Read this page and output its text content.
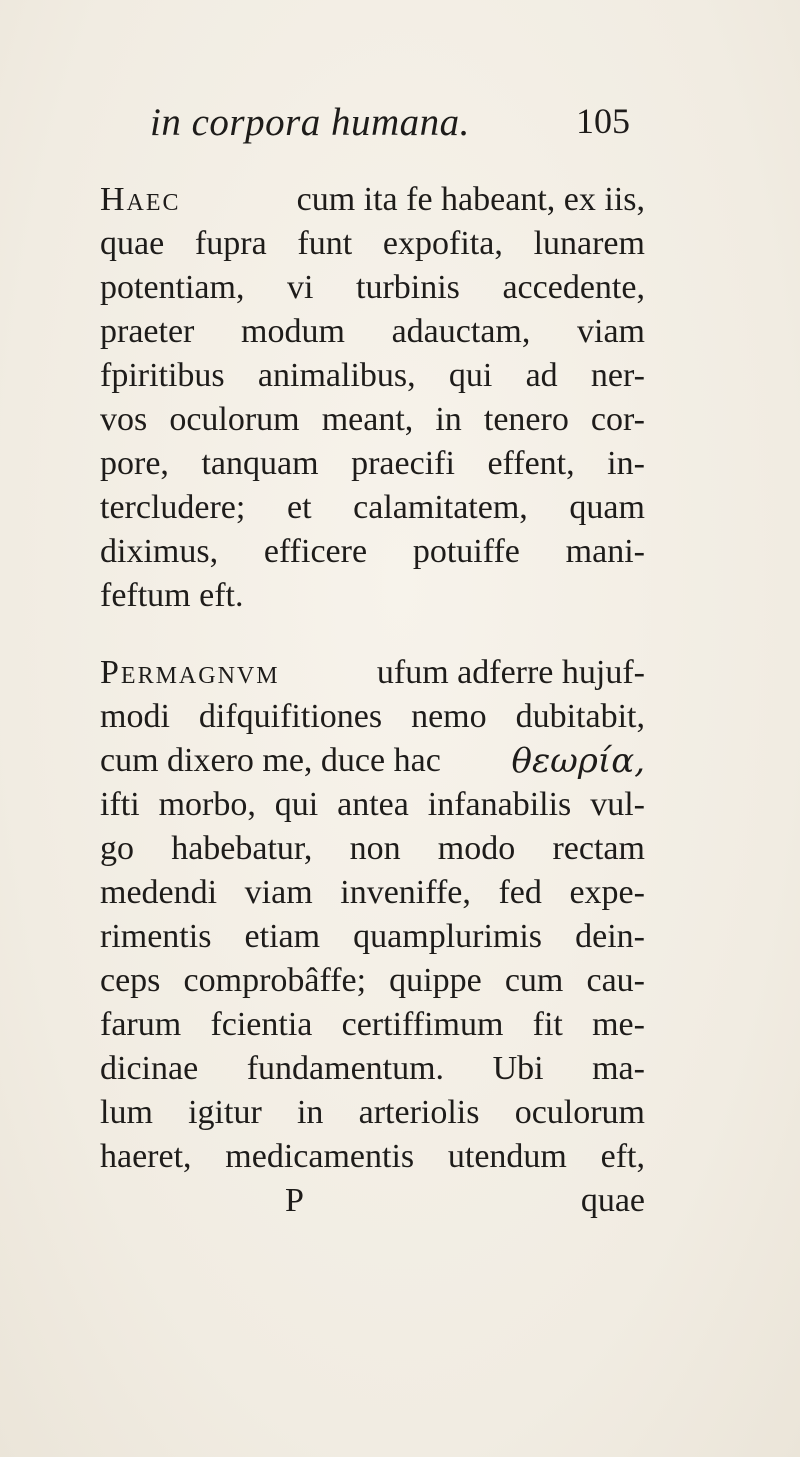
in corpora humana.	105
Haec	cum ita fe habeant, ex iis,
quae fupra funt expofita, lunarem
potentiam, vi turbinis accedente,
praeter modum adauctam, viam
fpiritibus animalibus, qui ad ner-
vos oculorum meant, in tenero cor-
pore, tanquam praecifi effent, in-
tercludere; et calamitatem, quam
diximus, efficere potuiffe mani-
feftum eft.
Permagnvm	ufum adferre hujuf-
modi difquifitiones nemo dubitabit,
cum dixero me, duce hac θεωρία,
ifti morbo, qui antea infanabilis vul-
go habebatur, non modo rectam
medendi viam inveniffe, fed expe-
rimentis etiam quamplurimis dein-
ceps comprobâffe; quippe cum cau-
farum fcientia certiffimum fit me-
dicinae fundamentum. Ubi ma-
lum igitur in arteriolis oculorum
haeret, medicamentis utendum eft,
P	quae
